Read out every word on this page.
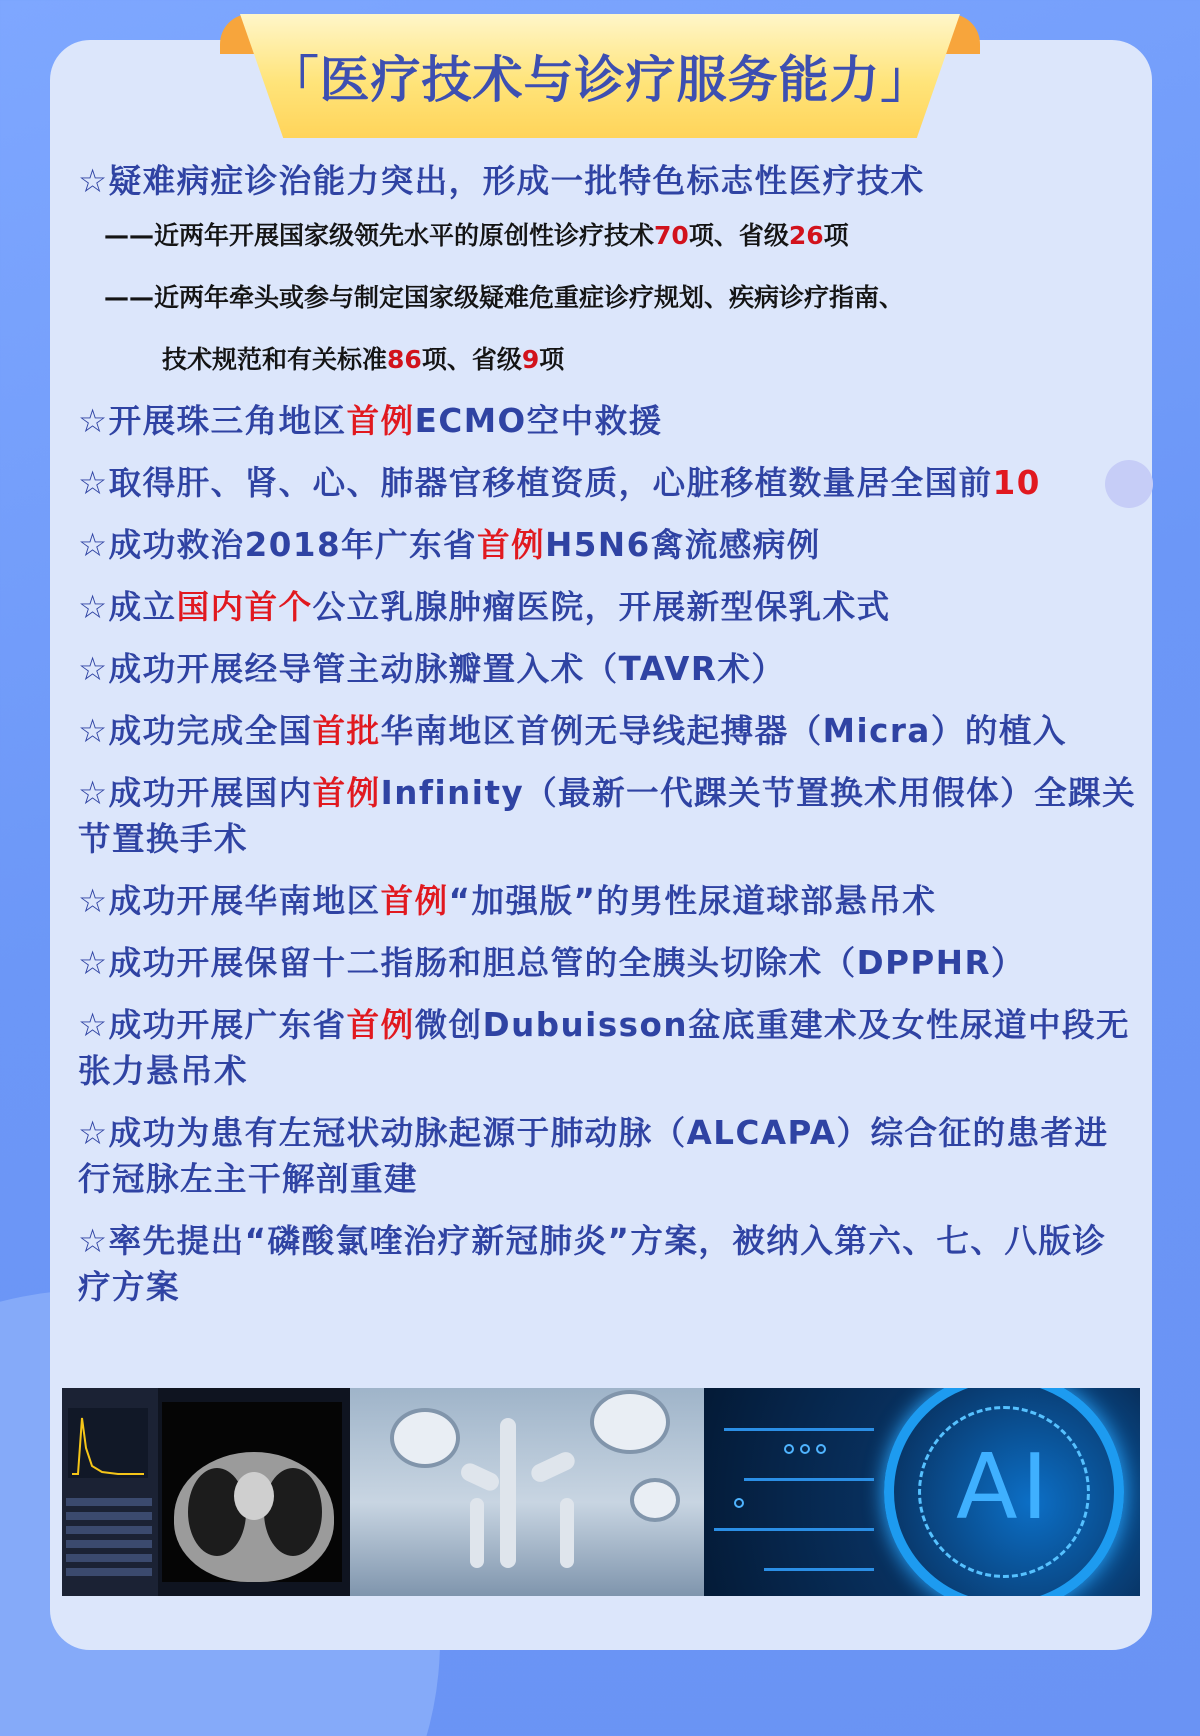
「医疗技术与诊疗服务能力」
☆疑难病症诊治能力突出，形成一批特色标志性医疗技术
——近两年开展国家级领先水平的原创性诊疗技术70项、省级26项
——近两年牵头或参与制定国家级疑难危重症诊疗规划、疾病诊疗指南、
技术规范和有关标准86项、省级9项
☆开展珠三角地区首例ECMO空中救援
☆取得肝、肾、心、肺器官移植资质，心脏移植数量居全国前10
☆成功救治2018年广东省首例H5N6禽流感病例
☆成立国内首个公立乳腺肿瘤医院，开展新型保乳术式
☆成功开展经导管主动脉瓣置入术（TAVR术）
☆成功完成全国首批华南地区首例无导线起搏器（Micra）的植入
☆成功开展国内首例Infinity（最新一代踝关节置换术用假体）全踝关节置换手术
☆成功开展华南地区首例“加强版”的男性尿道球部悬吊术
☆成功开展保留十二指肠和胆总管的全胰头切除术（DPPHR）
☆成功开展广东省首例微创Dubuisson盆底重建术及女性尿道中段无张力悬吊术
☆成功为患有左冠状动脉起源于肺动脉（ALCAPA）综合征的患者进行冠脉左主干解剖重建
☆率先提出“磷酸氯喹治疗新冠肺炎”方案，被纳入第六、七、八版诊疗方案
AI
